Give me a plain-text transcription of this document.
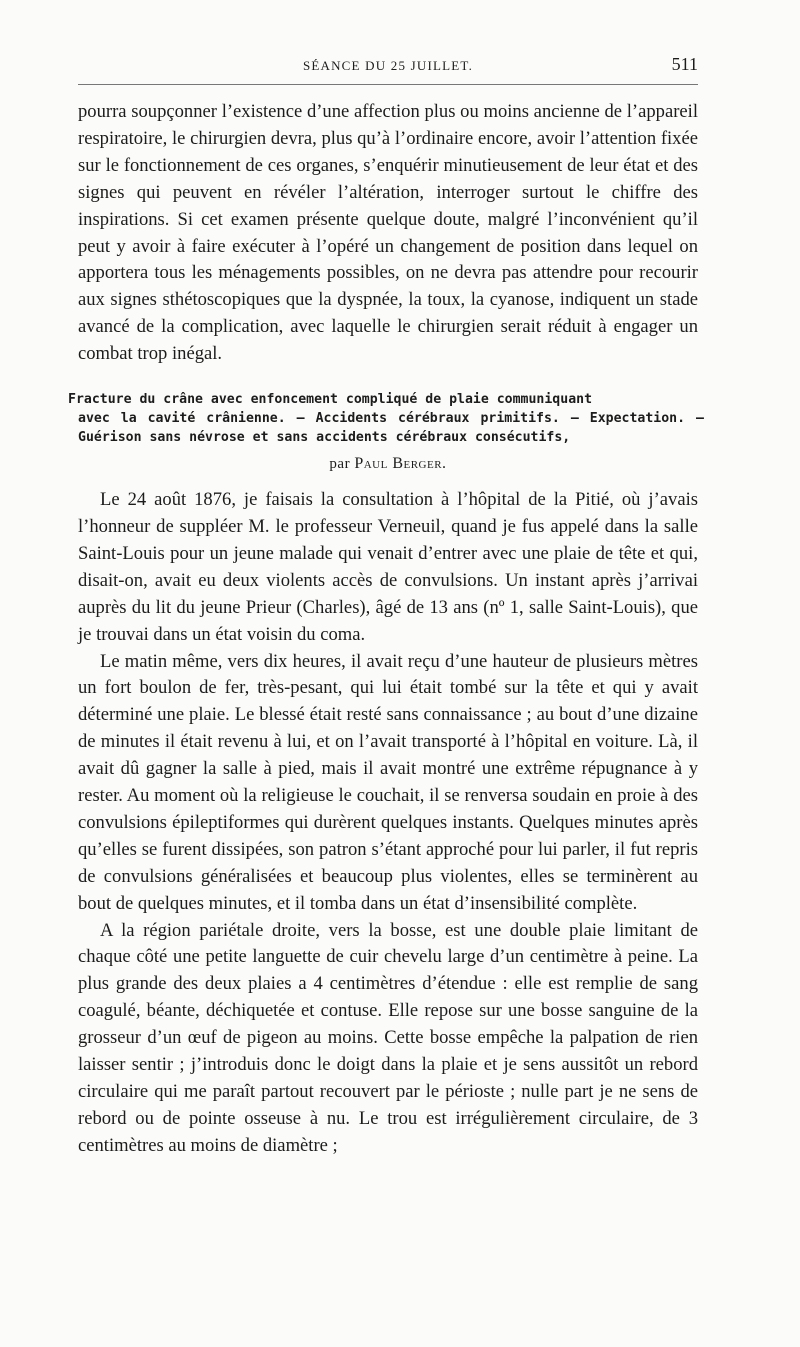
SÉANCE DU 25 JUILLET.	511

pourra soupçonner l’existence d’une affection plus ou moins ancienne de l’appareil respiratoire, le chirurgien devra, plus qu’à l’ordinaire encore, avoir l’attention fixée sur le fonctionnement de ces organes, s’enquérir minutieusement de leur état et des signes qui peuvent en révéler l’altération, interroger surtout le chiffre des inspirations. Si cet examen présente quelque doute, malgré l’inconvénient qu’il peut y avoir à faire exécuter à l’opéré un changement de position dans lequel on apportera tous les ménagements possibles, on ne devra pas attendre pour recourir aux signes sthétoscopiques que la dyspnée, la toux, la cyanose, indiquent un stade avancé de la complication, avec laquelle le chirurgien serait réduit à engager un combat trop inégal.

Fracture du crâne avec enfoncement compliqué de plaie communiquant
avec la cavité crânienne. — Accidents cérébraux primitifs. — Expectation. — Guérison sans névrose et sans accidents cérébraux consécutifs,
par Paul Berger.

Le 24 août 1876, je faisais la consultation à l’hôpital de la Pitié, où j’avais l’honneur de suppléer M. le professeur Verneuil, quand je fus appelé dans la salle Saint-Louis pour un jeune malade qui venait d’entrer avec une plaie de tête et qui, disait-on, avait eu deux violents accès de convulsions. Un instant après j’arrivai auprès du lit du jeune Prieur (Charles), âgé de 13 ans (nº 1, salle Saint-Louis), que je trouvai dans un état voisin du coma.

Le matin même, vers dix heures, il avait reçu d’une hauteur de plusieurs mètres un fort boulon de fer, très-pesant, qui lui était tombé sur la tête et qui y avait déterminé une plaie. Le blessé était resté sans connaissance ; au bout d’une dizaine de minutes il était revenu à lui, et on l’avait transporté à l’hôpital en voiture. Là, il avait dû gagner la salle à pied, mais il avait montré une extrême répugnance à y rester. Au moment où la religieuse le couchait, il se renversa soudain en proie à des convulsions épileptiformes qui durèrent quelques instants. Quelques minutes après qu’elles se furent dissipées, son patron s’étant approché pour lui parler, il fut repris de convulsions généralisées et beaucoup plus violentes, elles se terminèrent au bout de quelques minutes, et il tomba dans un état d’insensibilité complète.

A la région pariétale droite, vers la bosse, est une double plaie limitant de chaque côté une petite languette de cuir chevelu large d’un centimètre à peine. La plus grande des deux plaies a 4 centimètres d’étendue : elle est remplie de sang coagulé, béante, déchiquetée et contuse. Elle repose sur une bosse sanguine de la grosseur d’un œuf de pigeon au moins. Cette bosse empêche la palpation de rien laisser sentir ; j’introduis donc le doigt dans la plaie et je sens aussitôt un rebord circulaire qui me paraît partout recouvert par le périoste ; nulle part je ne sens de rebord ou de pointe osseuse à nu. Le trou est irrégulièrement circulaire, de 3 centimètres au moins de diamètre ;
